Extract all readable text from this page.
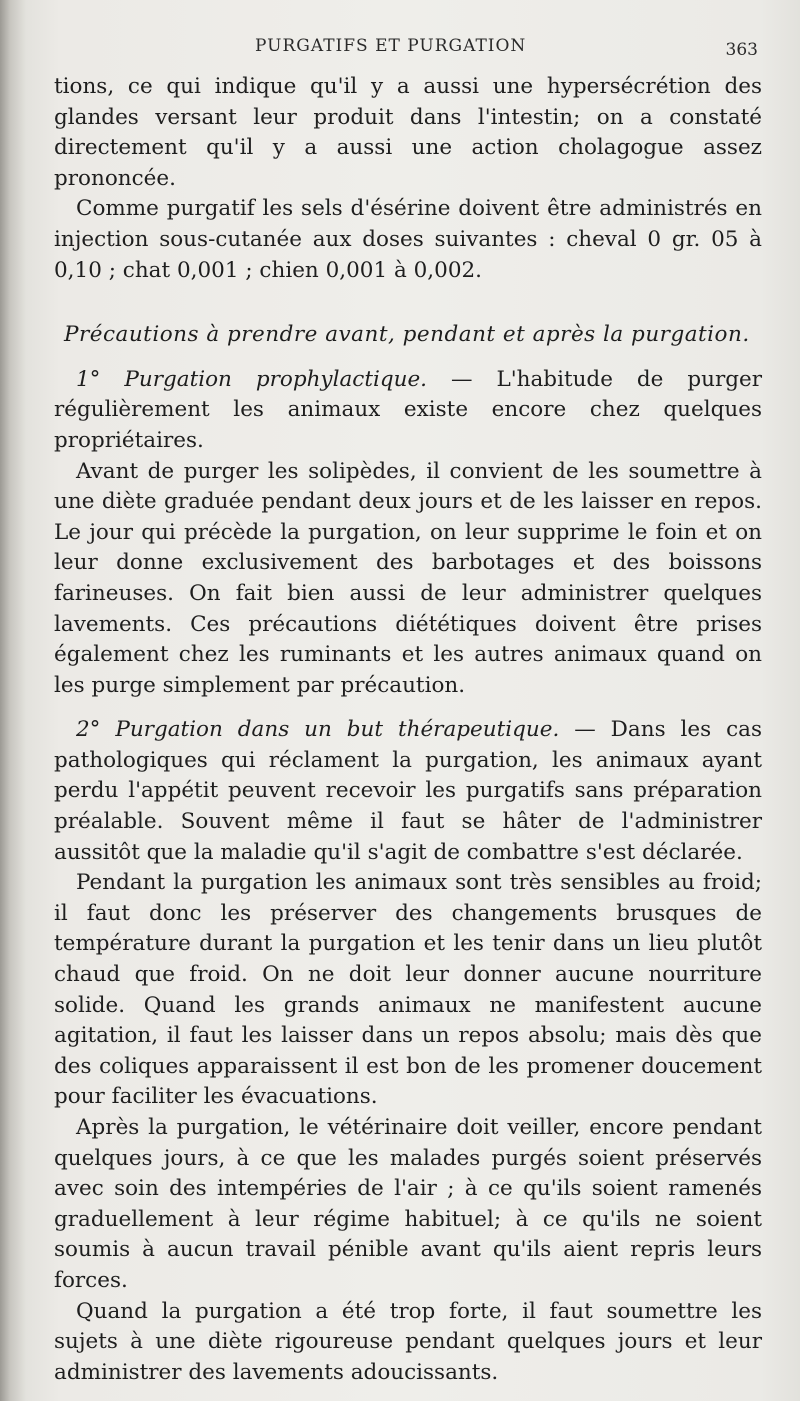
PURGATIFS ET PURGATION	363

tions, ce qui indique qu'il y a aussi une hypersécrétion des glandes versant leur produit dans l'intestin; on a constaté directement qu'il y a aussi une action cholagogue assez prononcée.

Comme purgatif les sels d'ésérine doivent être administrés en injection sous-cutanée aux doses suivantes : cheval 0 gr. 05 à 0,10 ; chat 0,001 ; chien 0,001 à 0,002.

Précautions à prendre avant, pendant et après la purgation.

1° Purgation prophylactique. — L'habitude de purger régulièrement les animaux existe encore chez quelques propriétaires.

Avant de purger les solipèdes, il convient de les soumettre à une diète graduée pendant deux jours et de les laisser en repos. Le jour qui précède la purgation, on leur supprime le foin et on leur donne exclusivement des barbotages et des boissons farineuses. On fait bien aussi de leur administrer quelques lavements. Ces précautions diététiques doivent être prises également chez les ruminants et les autres animaux quand on les purge simplement par précaution.

2° Purgation dans un but thérapeutique. — Dans les cas pathologiques qui réclament la purgation, les animaux ayant perdu l'appétit peuvent recevoir les purgatifs sans préparation préalable. Souvent même il faut se hâter de l'administrer aussitôt que la maladie qu'il s'agit de combattre s'est déclarée.

Pendant la purgation les animaux sont très sensibles au froid; il faut donc les préserver des changements brusques de température durant la purgation et les tenir dans un lieu plutôt chaud que froid. On ne doit leur donner aucune nourriture solide. Quand les grands animaux ne manifestent aucune agitation, il faut les laisser dans un repos absolu; mais dès que des coliques apparaissent il est bon de les promener doucement pour faciliter les évacuations.

Après la purgation, le vétérinaire doit veiller, encore pendant quelques jours, à ce que les malades purgés soient préservés avec soin des intempéries de l'air ; à ce qu'ils soient ramenés graduellement à leur régime habituel; à ce qu'ils ne soient soumis à aucun travail pénible avant qu'ils aient repris leurs forces.

Quand la purgation a été trop forte, il faut soumettre les sujets à une diète rigoureuse pendant quelques jours et leur administrer des lavements adoucissants.
